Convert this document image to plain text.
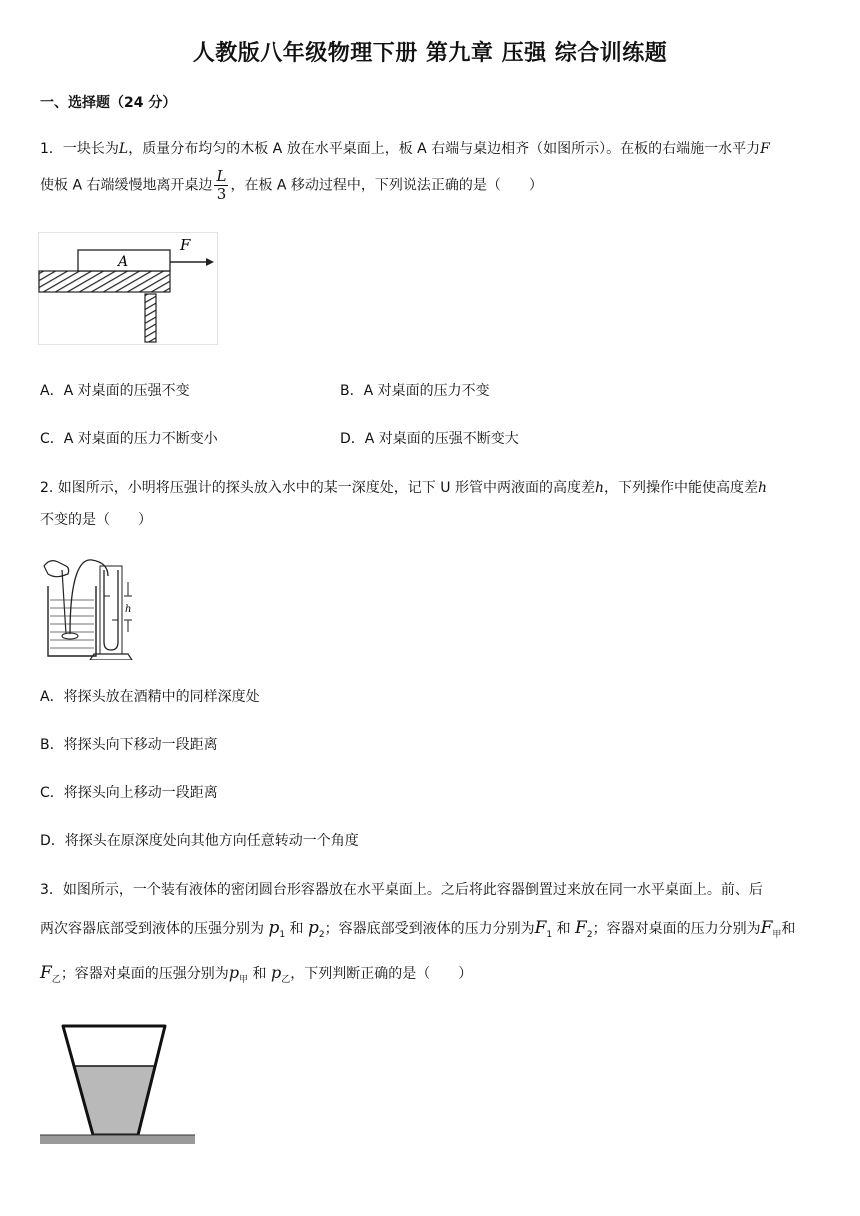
人教版八年级物理下册 第九章 压强 综合训练题
一、选择题（24 分）
1．一块长为L，质量分布均匀的木板 A 放在水平桌面上，板 A 右端与桌边相齐（如图所示）。在板的右端施一水平力F
使板 A 右端缓慢地离开桌边 $\frac{L}{3}$ ，在板 A 移动过程中，下列说法正确的是（　　）
A
F
A．A 对桌面的压强不变	B．A 对桌面的压力不变
C．A 对桌面的压力不断变小	D．A 对桌面的压强不断变大
2. 如图所示，小明将压强计的探头放入水中的某一深度处，记下 U 形管中两液面的高度差h，下列操作中能使高度差h
不变的是（　　）
h
A．将探头放在酒精中的同样深度处
B．将探头向下移动一段距离
C．将探头向上移动一段距离
D．将探头在原深度处向其他方向任意转动一个角度
3．如图所示，一个装有液体的密闭圆台形容器放在水平桌面上。之后将此容器倒置过来放在同一水平桌面上。前、后
两次容器底部受到液体的压强分别为 $p_1$ 和 $p_2$；容器底部受到液体的压力分别为$F_1$ 和 $F_2$；容器对桌面的压力分别为$F_甲$和
$F_乙$；容器对桌面的压强分别为$p_甲$ 和 $p_乙$，下列判断正确的是（　　）
